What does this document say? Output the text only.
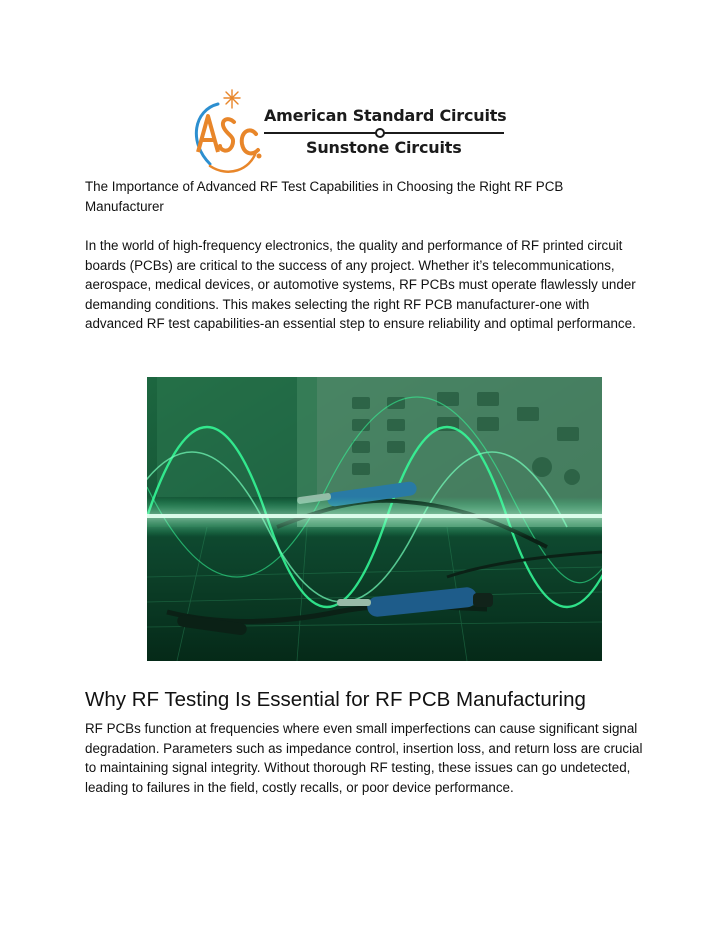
American Standard Circuits
Sunstone Circuits
The Importance of Advanced RF Test Capabilities in Choosing the Right RF PCB Manufacturer
In the world of high-frequency electronics, the quality and performance of RF printed circuit boards (PCBs) are critical to the success of any project. Whether it’s telecommunications, aerospace, medical devices, or automotive systems, RF PCBs must operate flawlessly under demanding conditions. This makes selecting the right RF PCB manufacturer-one with advanced RF test capabilities-an essential step to ensure reliability and optimal performance.
Why RF Testing Is Essential for RF PCB Manufacturing
RF PCBs function at frequencies where even small imperfections can cause significant signal degradation. Parameters such as impedance control, insertion loss, and return loss are crucial to maintaining signal integrity. Without thorough RF testing, these issues can go undetected, leading to failures in the field, costly recalls, or poor device performance.
